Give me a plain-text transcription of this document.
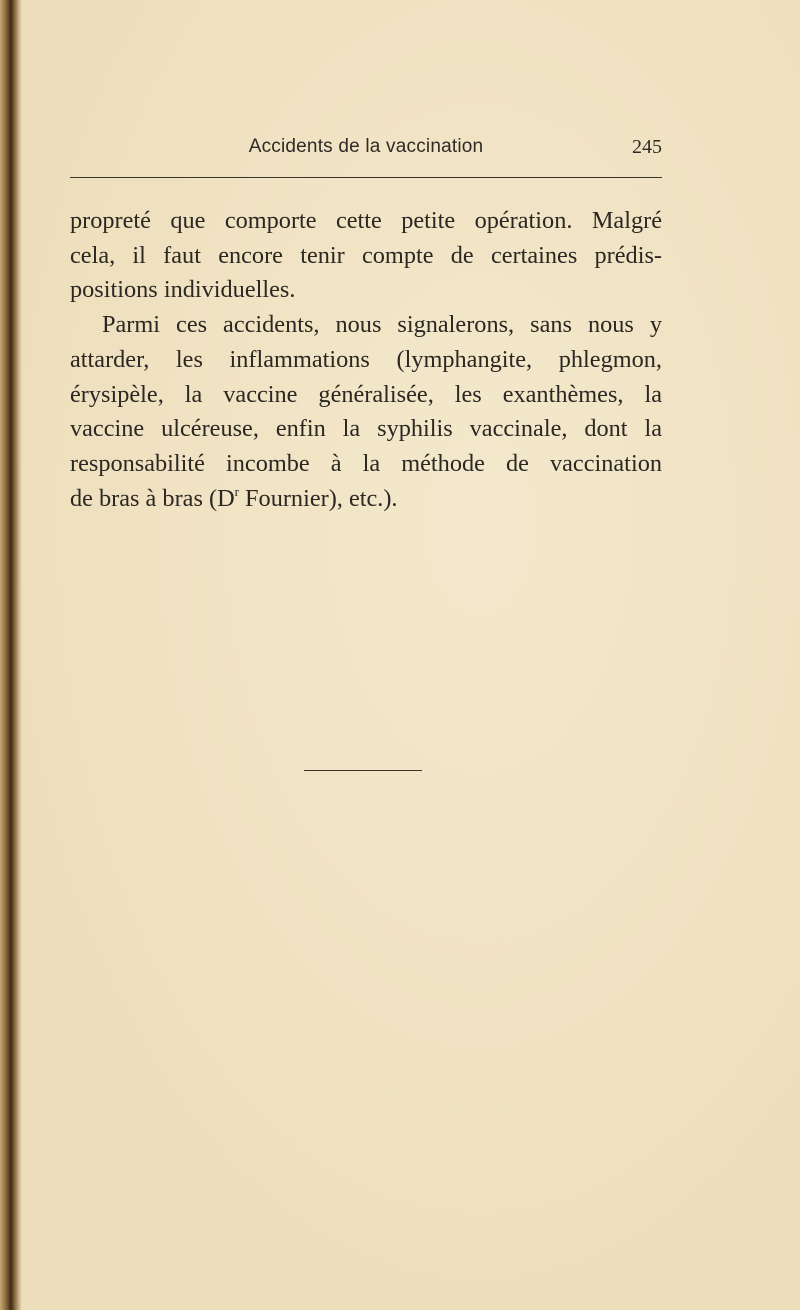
Accidents de la vaccination	245

propreté que comporte cette petite opération. Malgré
cela, il faut encore tenir compte de certaines prédis-
positions individuelles.

Parmi ces accidents, nous signalerons, sans nous y
attarder, les inflammations (lymphangite, phlegmon,
érysipèle, la vaccine généralisée, les exanthèmes, la
vaccine ulcéreuse, enfin la syphilis vaccinale, dont la
responsabilité incombe à la méthode de vaccination
de bras à bras ($D^r$ Fournier), etc.).
